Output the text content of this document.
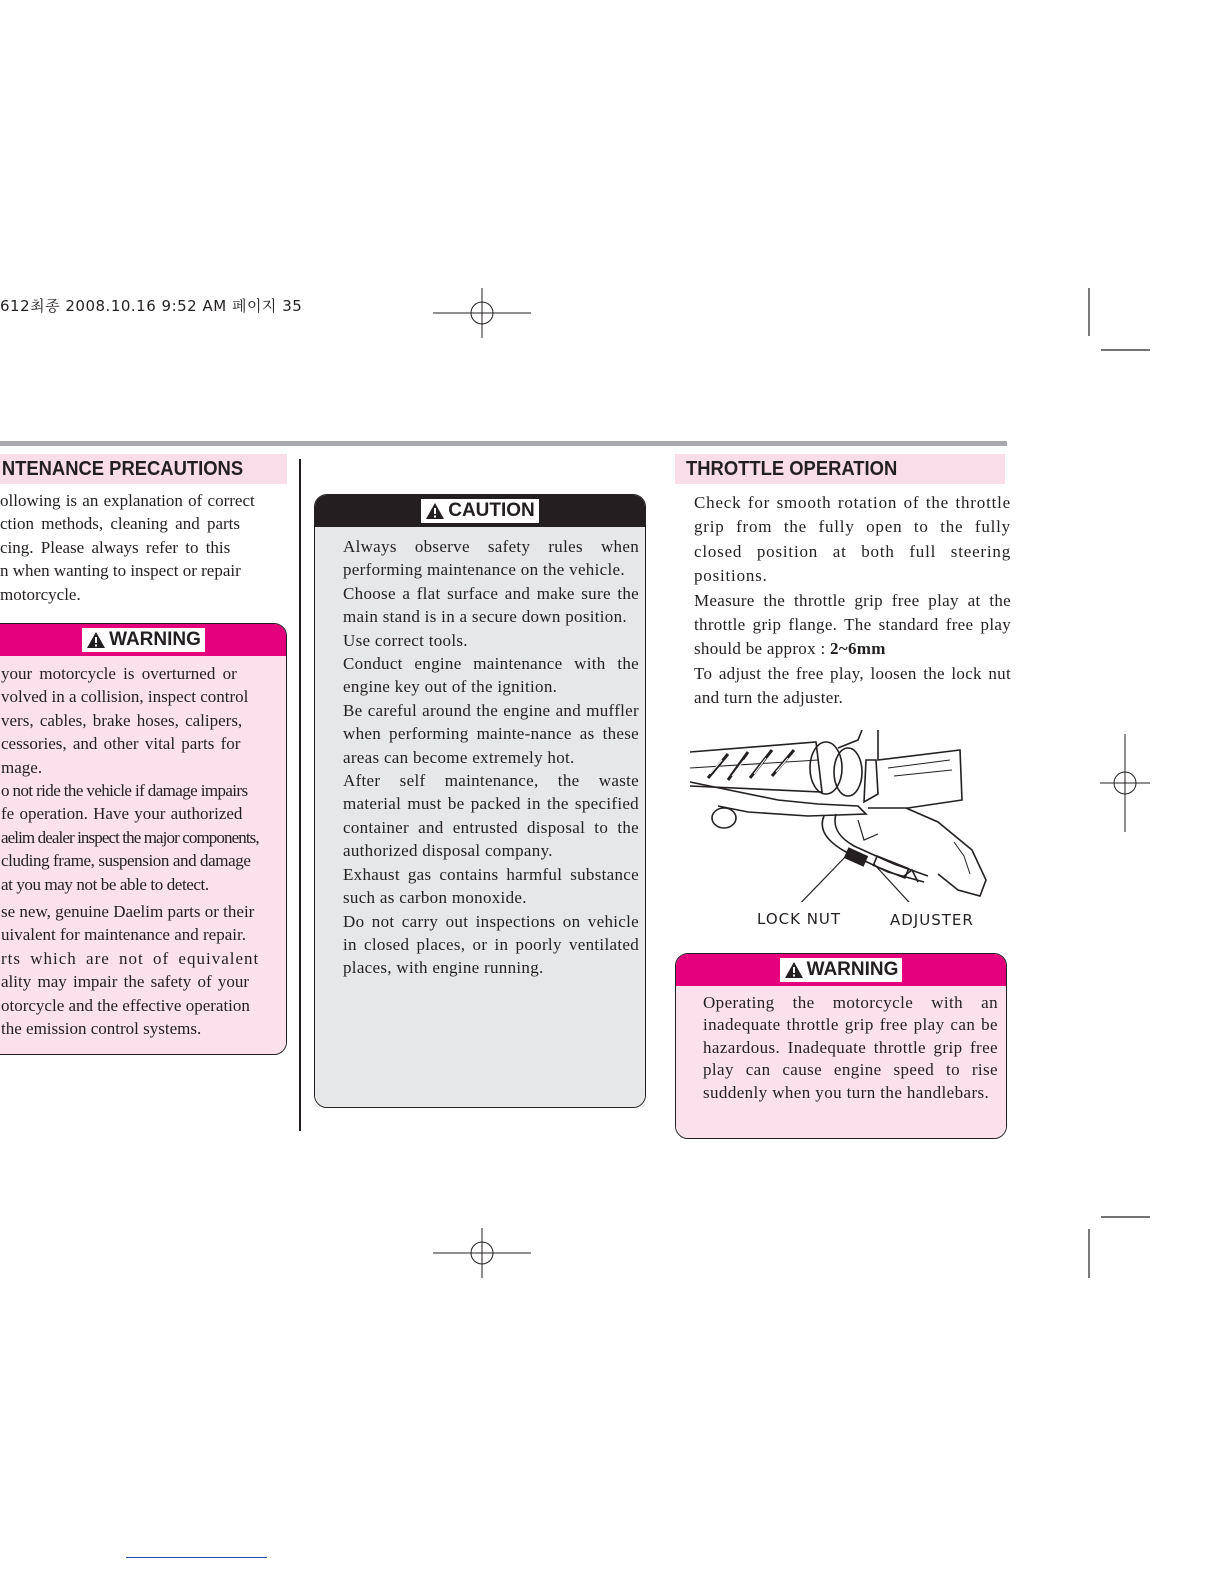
612최종 2008.10.16 9:52 AM 페이지 35
NTENANCE PRECAUTIONS

ollowing is an explanation of correct

ction methods, cleaning and parts

cing. Please always refer to this

n when wanting to inspect or repair

motorcycle.

WARNING

your motorcycle is overturned or

volved in a collision, inspect control

vers, cables, brake hoses, calipers,

cessories, and other vital parts for

mage.

o not ride the vehicle if damage impairs

fe operation. Have your authorized

aelim dealer inspect the major components,

cluding frame, suspension and damage

at you may not be able to detect.

se new, genuine Daelim parts or their

uivalent for maintenance and repair.

rts which are not of equivalent

ality may impair the safety of your

otorcycle and the effective operation

the emission control systems.

CAUTION

Always observe safety rules when performing maintenance on the vehicle.

Choose a flat surface and make sure the main stand is in a secure down position.

Use correct tools.

Conduct engine maintenance with the engine key out of the ignition.

Be careful around the engine and muffler when performing mainte-nance as these areas can become extremely hot.

After self maintenance, the waste material must be packed in the specified container and entrusted disposal to the authorized disposal company.

Exhaust gas contains harmful substance such as carbon monoxide.

Do not carry out inspections on vehicle in closed places, or in poorly ventilated places, with engine running.

THROTTLE OPERATION

Check for smooth rotation of the throttle grip from the fully open to the fully closed position at both full steering positions.

Measure the throttle grip free play at the throttle grip flange. The standard free play should be approx : 2~6mm

To adjust the free play, loosen the lock nut and turn the adjuster.

LOCK NUT	ADJUSTER
WARNING

Operating the motorcycle with an inadequate throttle grip free play can be hazardous. Inadequate throttle grip free play can cause engine speed to rise suddenly when you turn the handlebars.
